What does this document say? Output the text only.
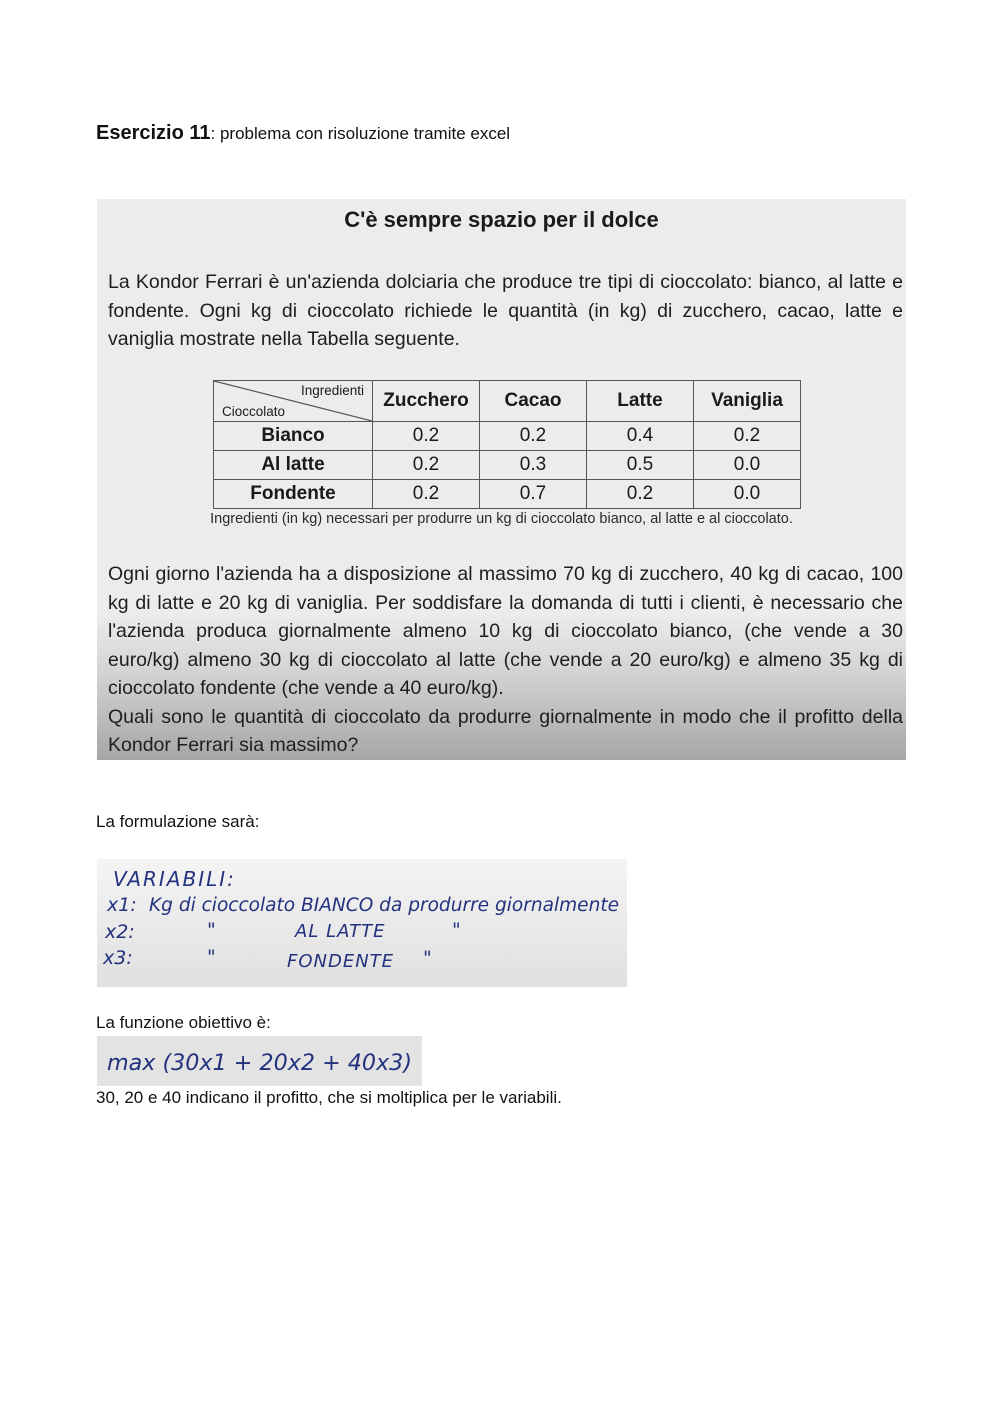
Esercizio 11: problema con risoluzione tramite excel
C'è sempre spazio per il dolce
La Kondor Ferrari è un'azienda dolciaria che produce tre tipi di cioccolato: bianco, al latte e fondente. Ogni kg di cioccolato richiede le quantità (in kg) di zucchero, cacao, latte e vaniglia mostrate nella Tabella seguente.
Ingredienti
Cioccolato	Zucchero	Cacao	Latte	Vaniglia
Bianco	0.2	0.2	0.4	0.2
Al latte	0.2	0.3	0.5	0.0
Fondente	0.2	0.7	0.2	0.0
Ingredienti (in kg) necessari per produrre un kg di cioccolato bianco, al latte e al cioccolato.
Ogni giorno l'azienda ha a disposizione al massimo 70 kg di zucchero, 40 kg di cacao, 100 kg di latte e 20 kg di vaniglia. Per soddisfare la domanda di tutti i clienti, è necessario che l'azienda produca giornalmente almeno 10 kg di cioccolato bianco, (che vende a 30 euro/kg) almeno 30 kg di cioccolato al latte (che vende a 20 euro/kg) e almeno 35 kg di cioccolato fondente (che vende a 40 euro/kg).
Quali sono le quantità di cioccolato da produrre giornalmente in modo che il profitto della Kondor Ferrari sia massimo?
La formulazione sarà:
VARIABILI:
x1: Kg di cioccolato BIANCO da produrre giornalmente
x2:	"	AL LATTE	"
x3:	"	FONDENTE "
La funzione obiettivo è:
max (30x1 + 20x2 + 40x3)
30, 20 e 40 indicano il profitto, che si moltiplica per le variabili.
